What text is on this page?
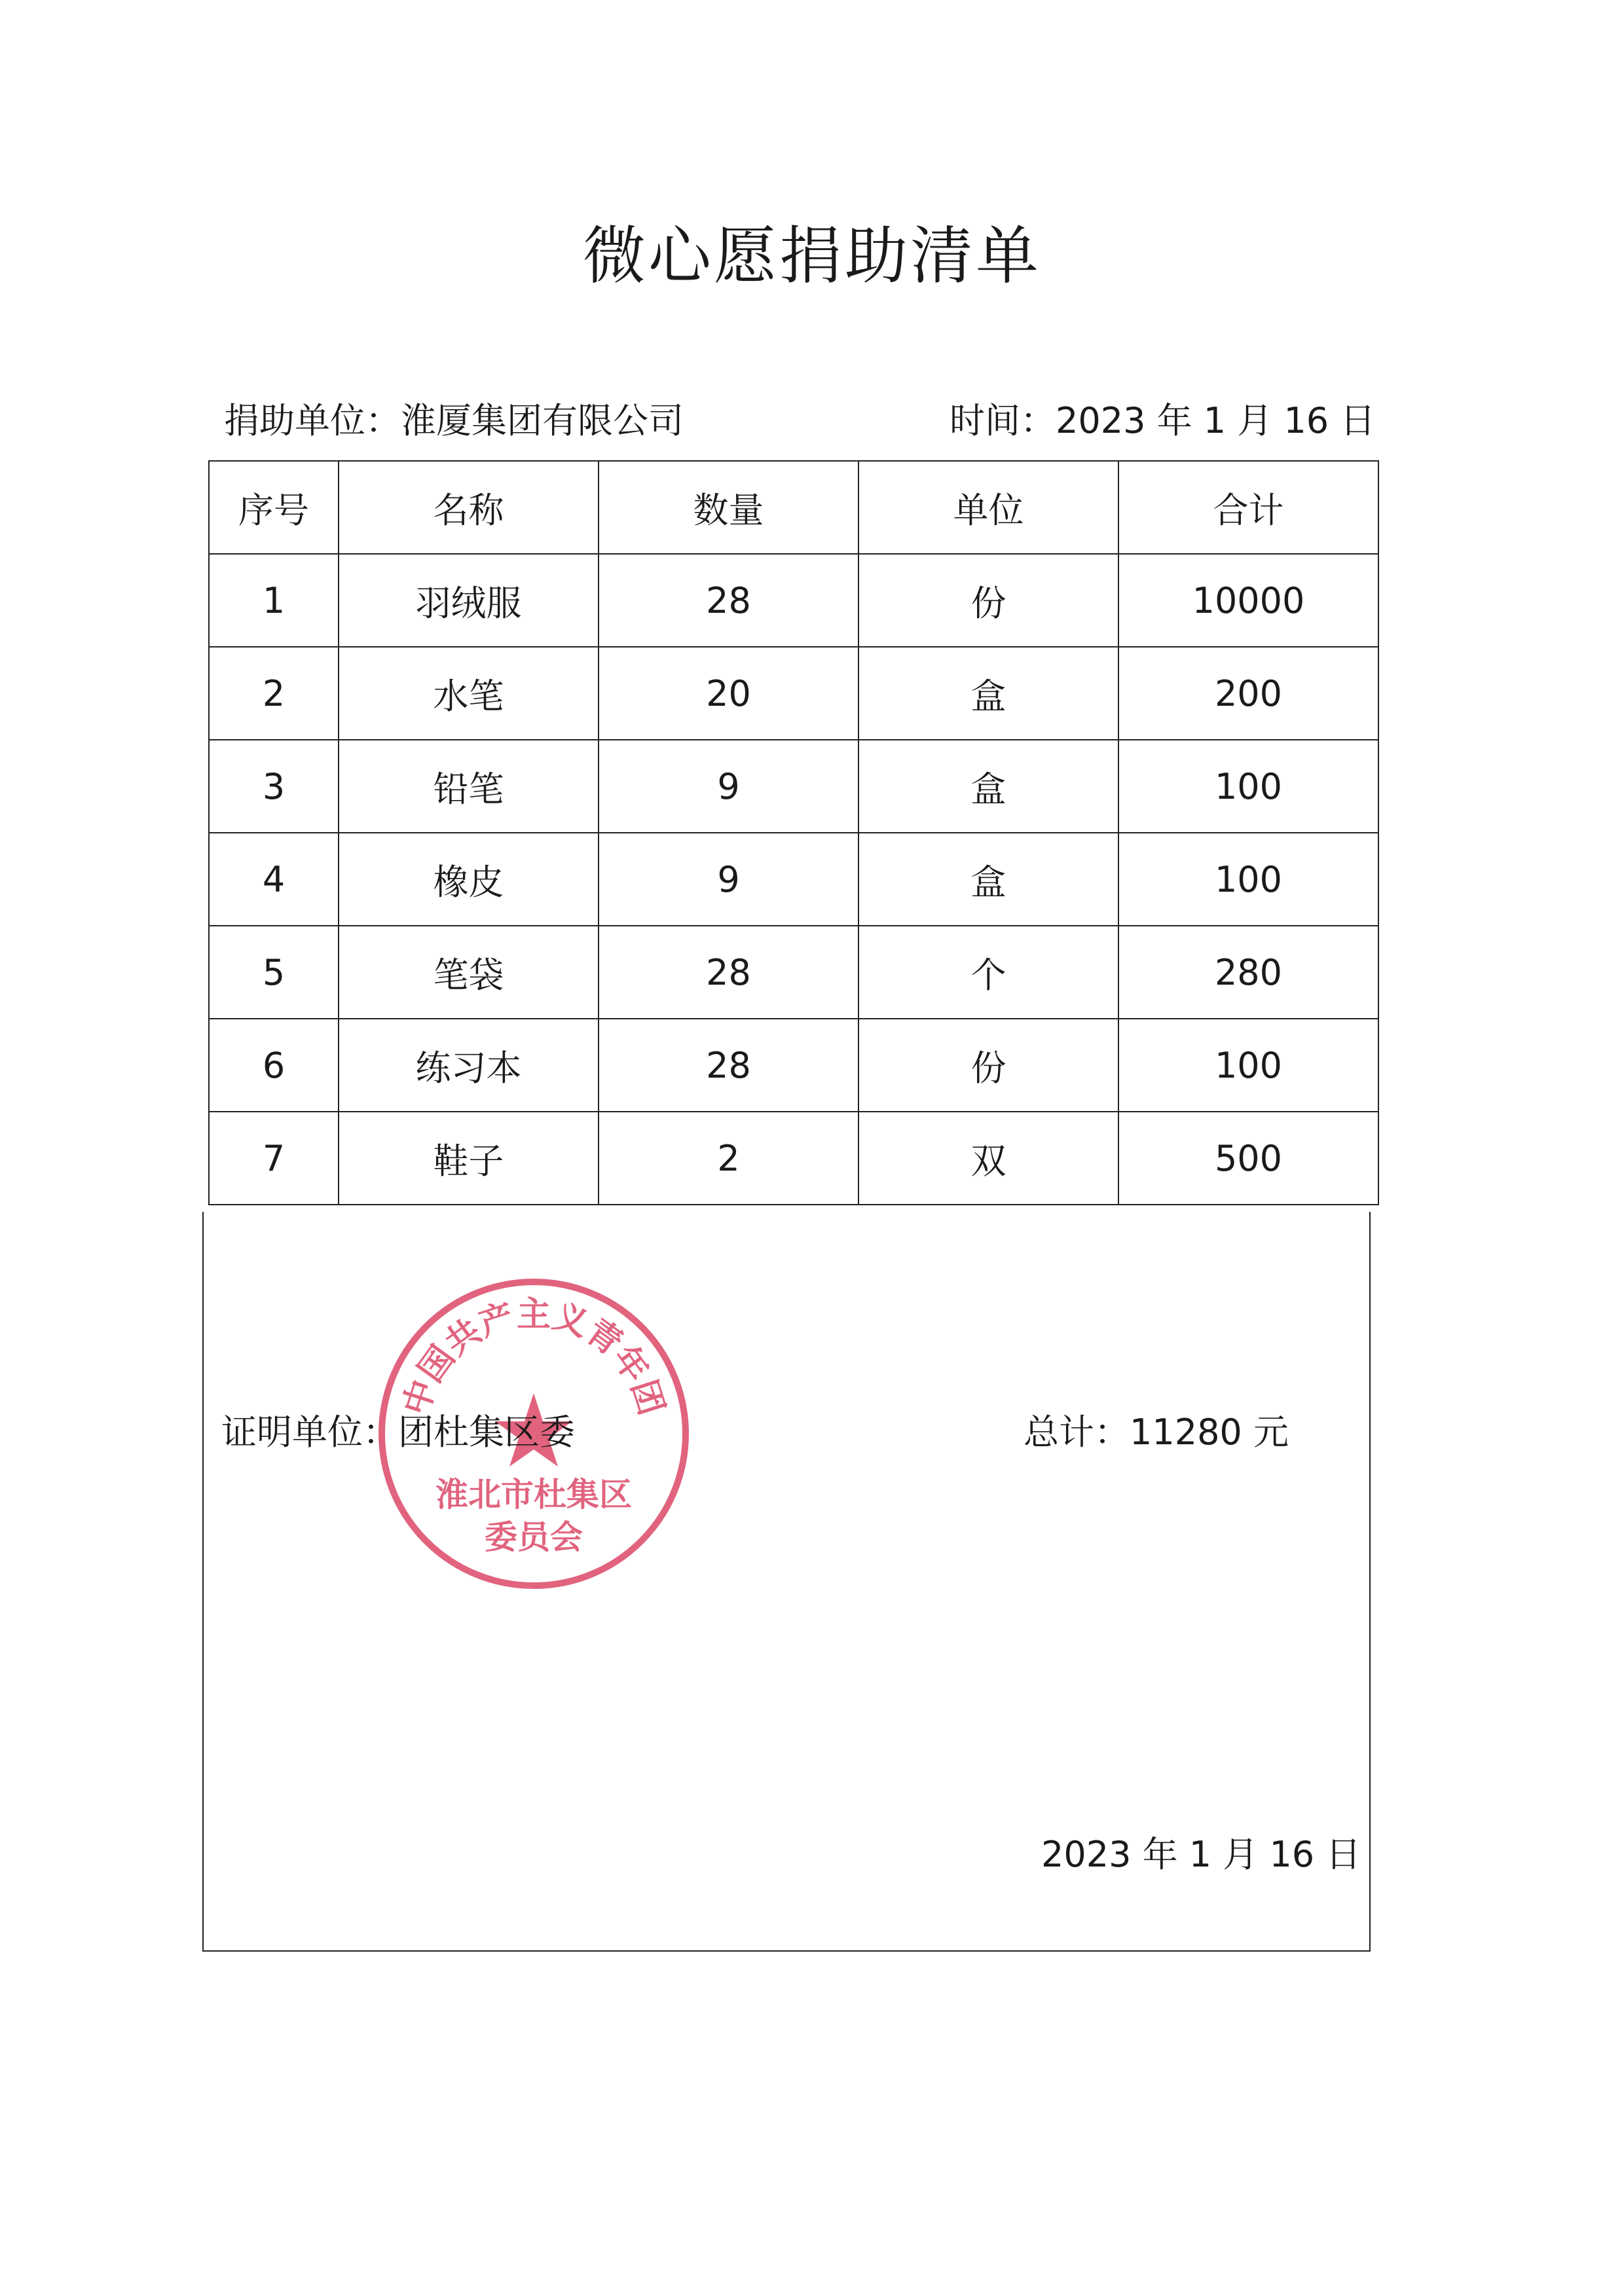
微心愿捐助清单
捐助单位：淮厦集团有限公司	时间：2023 年 1 月 16 日
序号	名称	数量	单位	合计
1	羽绒服	28	份	10000
2	水笔	20	盒	200
3	铅笔	9	盒	100
4	橡皮	9	盒	100
5	笔袋	28	个	280
6	练习本	28	份	100
7	鞋子	2	双	500
中国共产主义青年团
淮北市杜集区
委员会
证明单位：团杜集区委	总计：11280 元
2023 年 1 月 16 日
